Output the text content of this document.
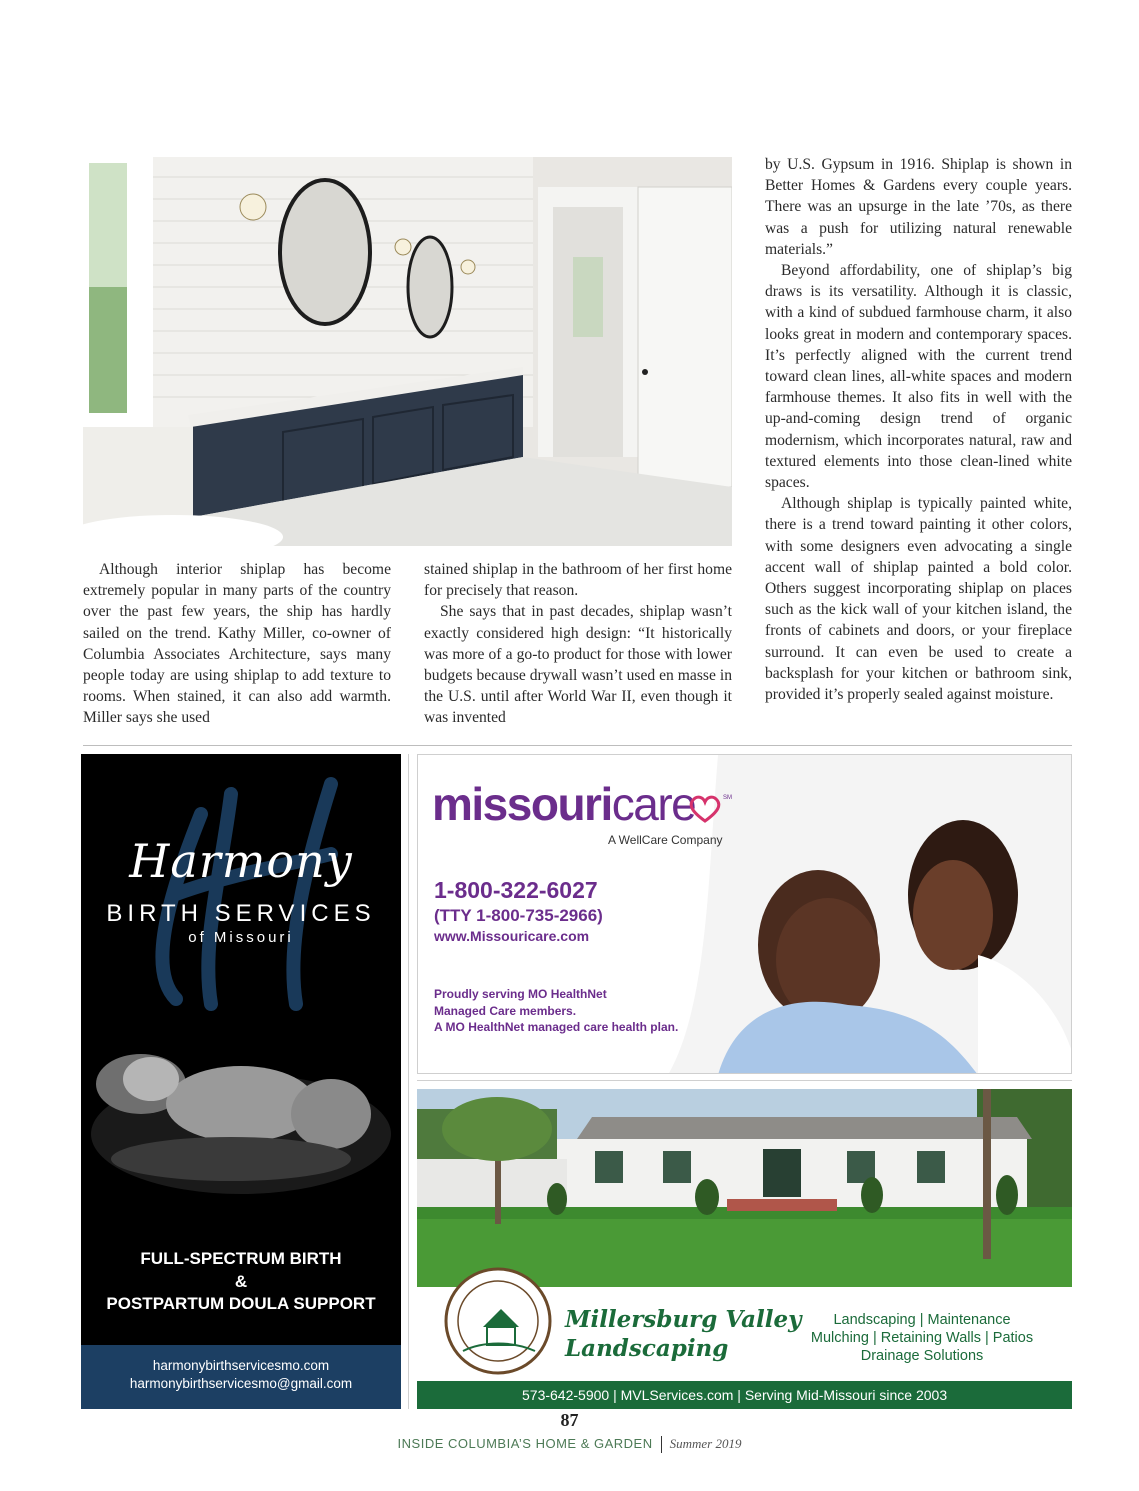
Although interior shiplap has become extremely popular in many parts of the country over the past few years, the ship has hardly sailed on the trend. Kathy Miller, co-owner of Columbia Associates Architecture, says many people today are using shiplap to add texture to rooms. When stained, it can also add warmth. Miller says she used

stained shiplap in the bathroom of her first home for precisely that reason.

She says that in past decades, shiplap wasn’t exactly considered high design: “It historically was more of a go-to product for those with lower budgets because drywall wasn’t used en masse in the U.S. until after World War II, even though it was invented

by U.S. Gypsum in 1916. Shiplap is shown in Better Homes & Gardens every couple years. There was an upsurge in the late ’70s, as there was a push for utilizing natural renewable materials.”

Beyond affordability, one of shiplap’s big draws is its versatility. Although it is classic, with a kind of subdued farmhouse charm, it also looks great in modern and contemporary spaces. It’s perfectly aligned with the current trend toward clean lines, all-white spaces and modern farmhouse themes. It also fits in well with the up-and-coming design trend of organic modernism, which incorporates natural, raw and textured elements into those clean-lined white spaces.

Although shiplap is typically painted white, there is a trend toward painting it other colors, with some designers even advocating a single accent wall of shiplap painted a bold color. Others suggest incorporating shiplap on places such as the kick wall of your kitchen island, the fronts of cabinets and doors, or your fireplace surround. It can even be used to create a backsplash for your kitchen or bathroom sink, provided it’s properly sealed against moisture.

Harmony
BIRTH SERVICES
of Missouri
FULL-SPECTRUM BIRTH
&
POSTPARTUM DOULA SUPPORT
harmonybirthservicesmo.com
harmonybirthservicesmo@gmail.com
missouricare	SM
A WellCare Company
1-800-322-6027
(TTY 1-800-735-2966)
www.Missouricare.com
Proudly serving MO HealthNet
Managed Care members.
A MO HealthNet managed care health plan.
Millersburg Valley
Landscaping
Landscaping | Maintenance
Mulching | Retaining Walls | Patios
Drainage Solutions
573-642-5900 | MVLServices.com | Serving Mid-Missouri since 2003
87
INSIDE COLUMBIA’S HOME & GARDEN Summer 2019
